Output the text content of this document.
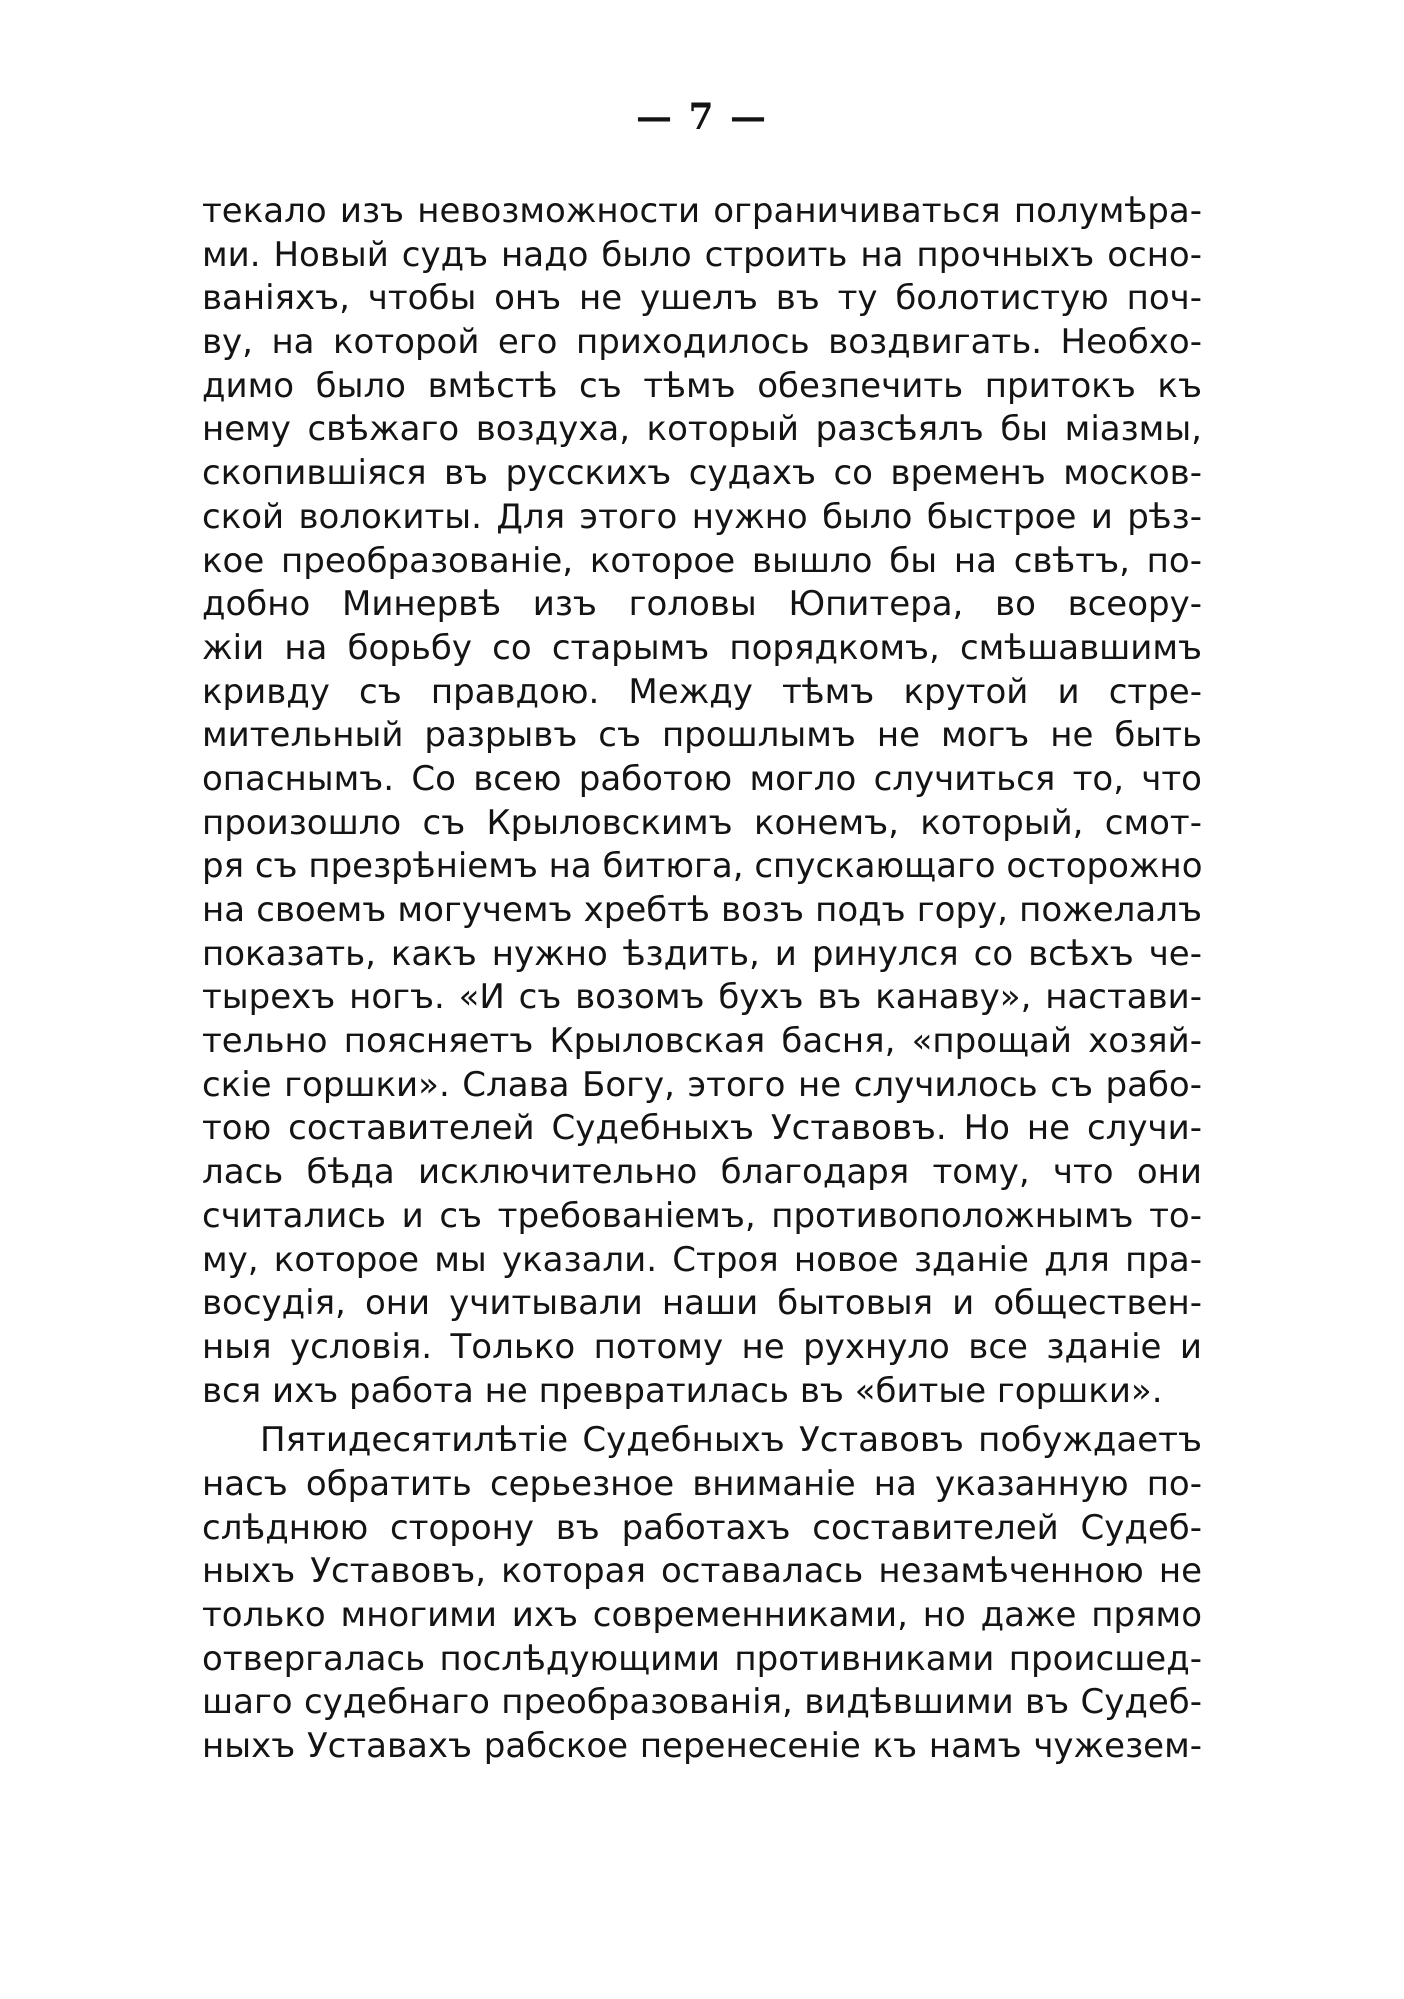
— 7 —
текало изъ невозможности ограничиваться полумѣра-
ми. Новый судъ надо было строить на прочныхъ осно-
ваніяхъ, чтобы онъ не ушелъ въ ту болотистую поч-
ву, на которой его приходилось воздвигать. Необхо-
димо было вмѣстѣ съ тѣмъ обезпечить притокъ къ
нему свѣжаго воздуха, который разсѣялъ бы міазмы,
скопившіяся въ русскихъ судахъ со временъ москов-
ской волокиты. Для этого нужно было быстрое и рѣз-
кое преобразованіе, которое вышло бы на свѣтъ, по-
добно Минервѣ изъ головы Юпитера, во всеору-
жіи на борьбу со старымъ порядкомъ, смѣшавшимъ
кривду съ правдою. Между тѣмъ крутой и стре-
мительный разрывъ съ прошлымъ не могъ не быть
опаснымъ. Со всею работою могло случиться то, что
произошло съ Крыловскимъ конемъ, который, смот-
ря съ презрѣніемъ на битюга, спускающаго осторожно
на своемъ могучемъ хребтѣ возъ подъ гору, пожелалъ
показать, какъ нужно ѣздить, и ринулся со всѣхъ че-
тырехъ ногъ. «И съ возомъ бухъ въ канаву», настави-
тельно поясняетъ Крыловская басня, «прощай хозяй-
скіе горшки». Слава Богу, этого не случилось съ рабо-
тою составителей Судебныхъ Уставовъ. Но не случи-
лась бѣда исключительно благодаря тому, что они
считались и съ требованіемъ, противоположнымъ то-
му, которое мы указали. Строя новое зданіе для пра-
восудія, они учитывали наши бытовыя и обществен-
ныя условія. Только потому не рухнуло все зданіе и
вся ихъ работа не превратилась въ «битые горшки».
Пятидесятилѣтіе Судебныхъ Уставовъ побуждаетъ
насъ обратить серьезное вниманіе на указанную по-
слѣднюю сторону въ работахъ составителей Судеб-
ныхъ Уставовъ, которая оставалась незамѣченною не
только многими ихъ современниками, но даже прямо
отвергалась послѣдующими противниками происшед-
шаго судебнаго преобразованія, видѣвшими въ Судеб-
ныхъ Уставахъ рабское перенесеніе къ намъ чужезем-
